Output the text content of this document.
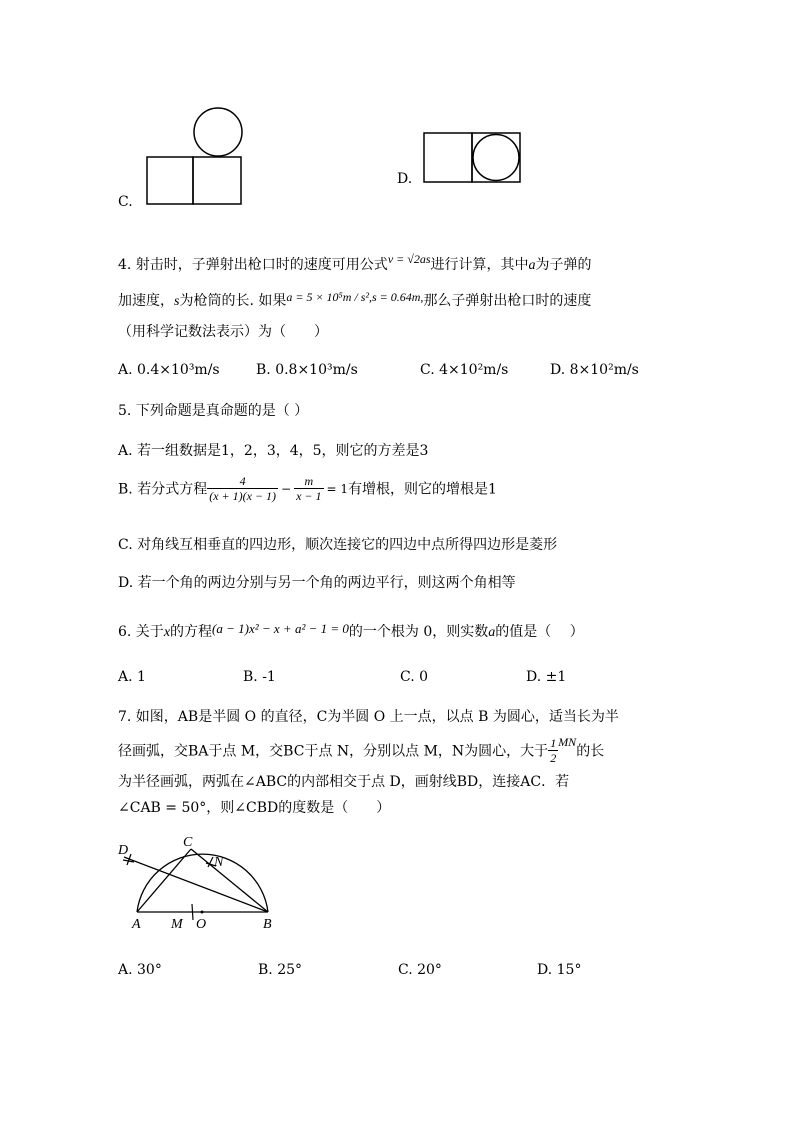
C.
D.
4. 射击时，子弹射出枪口时的速度可用公式v = √2as进行计算，其中a为子弹的
加速度，s为枪筒的长. 如果a = 5 × 10⁵m / s²,s = 0.64m,那么子弹射出枪口时的速度
（用科学记数法表示）为（　　）
A. 0.4×10³m/s	B. 0.8×10³m/s	C. 4×10²m/s	D. 8×10²m/s
5. 下列命题是真命题的是（ ）
A. 若一组数据是1，2，3，4，5，则它的方差是3
B. 若分式方程 $\frac{4}{(x + 1)(x - 1)} - \frac{m}{x - 1} = 1$有增根，则它的增根是1
C. 对角线互相垂直的四边形，顺次连接它的四边中点所得四边形是菱形
D. 若一个角的两边分别与另一个角的两边平行，则这两个角相等
6. 关于x的方程(a − 1)x² − x + a² − 1 = 0的一个根为 0，则实数a的值是（　 ）
A. 1	B. -1	C. 0	D. ±1
7. 如图，AB是半圆 O 的直径，C为半圆 O 上一点，以点 B 为圆心，适当长为半
径画弧，交BA于点 M，交BC于点 N，分别以点 M，N为圆心，大于 $\frac{1}{2}$ MN的长
为半径画弧，两弧在∠ABC的内部相交于点 D，画射线BD，连接AC．若
∠CAB = 50°，则∠CBD的度数是（　　）
D
C
N
A M O	B
A. 30°	B. 25°	C. 20°	D. 15°
